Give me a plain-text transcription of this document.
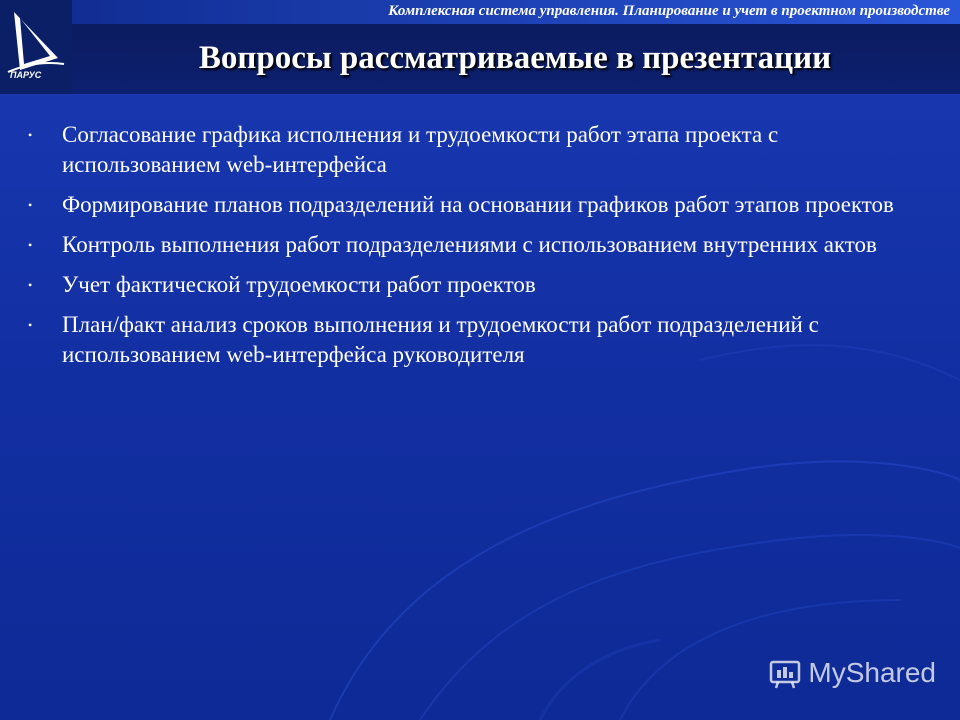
ПАРУС
Комплексная система управления. Планирование и учет в проектном производстве
Вопросы рассматриваемые в презентации
• Согласование графика исполнения и трудоемкости работ этапа проекта с использованием web-интерфейса
• Формирование планов подразделений на основании графиков работ этапов проектов
• Контроль выполнения работ подразделениями с использованием внутренних актов
• Учет фактической трудоемкости работ проектов
• План/факт анализ сроков выполнения и трудоемкости работ подразделений с использованием web-интерфейса руководителя
MyShared
